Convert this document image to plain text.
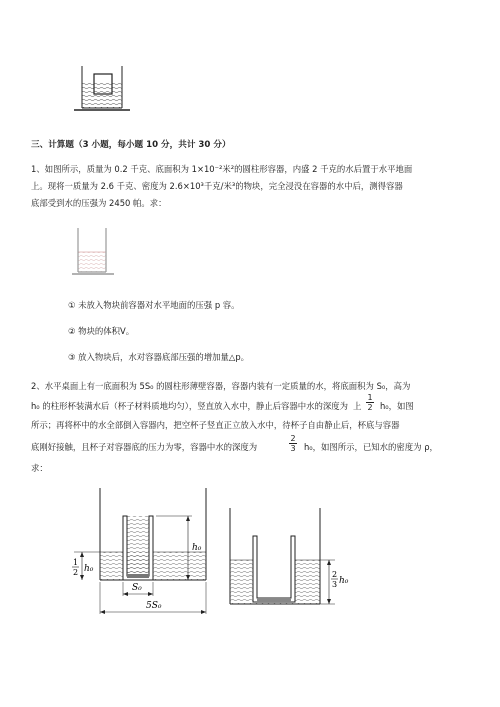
三、计算题（3 小题，每小题 10 分，共计 30 分）
1、如图所示，质量为 0.2 千克、底面积为 1×10⁻²米²的圆柱形容器，内盛 2 千克的水后置于水平地面
上。现将一质量为 2.6 千克、密度为 2.6×10³千克/米³的物块，完全浸没在容器的水中后，测得容器
底部受到水的压强为 2450 帕。求：
① 未放入物块前容器对水平地面的压强 p 容。
② 物块的体积V。
③ 放入物块后，水对容器底部压强的增加量△p。
2、水平桌面上有一底面积为 5S₀ 的圆柱形薄壁容器，容器内装有一定质量的水，将底面积为 S₀，高为
h₀ 的柱形杯装满水后（杯子材料质地均匀），竖直放入水中，静止后容器中水的深度为 上
1
2 h₀，如图
所示；再将杯中的水全部倒入容器内，把空杯子竖直正立放入水中，待杯子自由静止后，杯底与容器
底刚好接触，且杯子对容器底的压力为零，容器中水的深度为
2
3	h₀，如图所示，已知水的密度为 ρ，
求：
h₀
1
2 h₀
S₀
5S₀
2
3 h₀
